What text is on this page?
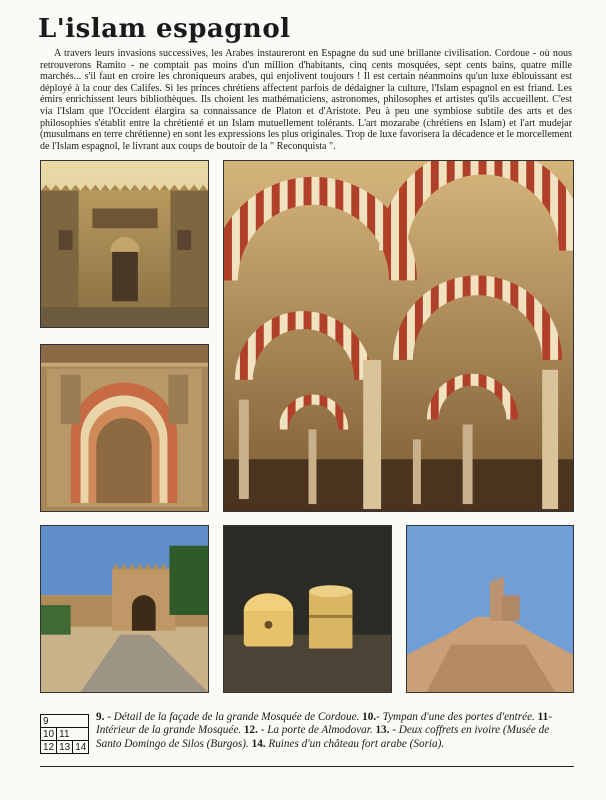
L'islam espagnol

A travers leurs invasions successives, les Arabes instaureront en Espagne du sud une brillante civilisation. Cordoue - où nous retrouverons Ramito - ne comptait pas moins d'un million d'habitants, cinq cents mosquées, sept cents bains, quatre mille marchés... s'il faut en croire les chroniqueurs arabes, qui enjolivent toujours ! Il est certain néanmoins qu'un luxe éblouissant est déployé à la cour des Califes. Si les princes chrétiens affectent parfois de dédaigner la culture, l'Islam espagnol en est friand. Les émirs enrichissent leurs bibliothèques. Ils choient les mathématiciens, astronomes, philosophes et artistes qu'ils accueillent. C'est via l'Islam que l'Occident élargira sa connaissance de Platon et d'Aristote. Peu à peu une symbiose subtile des arts et des philosophies s'établit entre la chrétienté et un Islam mutuellement tolérants. L'art mozarabe (chrétiens en Islam) et l'art mudejar (musulmans en terre chrétienne) en sont les expressions les plus originales. Trop de luxe favorisera la décadence et le morcellement de l'Islam espagnol, le livrant aux coups de boutoir de la " Reconquista ".

9		
10	11	
12	13	14

9. - Détail de la façade de la grande Mosquée de Cordoue. 10.- Tympan d'une des portes d'entrée. 11- Intérieur de la grande Mosquée. 12. - La porte de Almodovar. 13. - Deux coffrets en ivoire (Musée de Santo Domingo de Silos (Burgos). 14. Ruines d'un château fort arabe (Soria).
